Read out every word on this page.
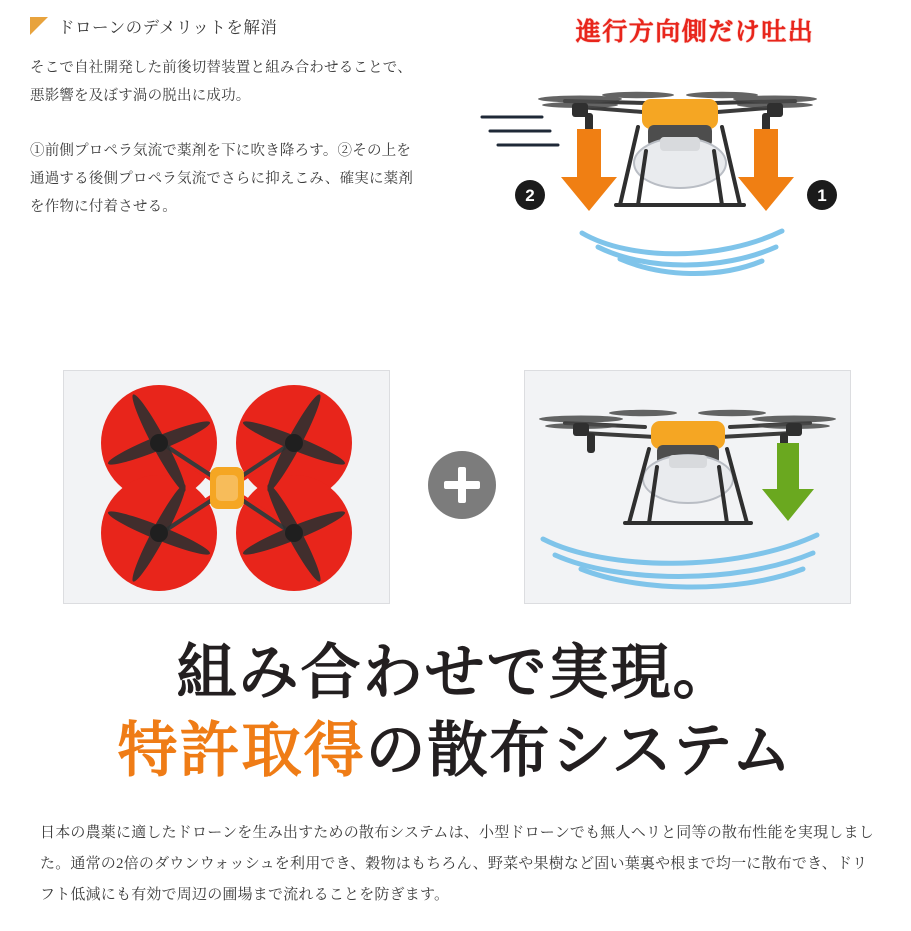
ドローンのデメリットを解消
そこで自社開発した前後切替装置と組み合わせることで、悪影響を及ぼす渦の脱出に成功。
①前側プロペラ気流で薬剤を下に吹き降ろす。②その上を通過する後側プロペラ気流でさらに抑えこみ、確実に薬剤を作物に付着させる。
進行方向側だけ吐出
2	1
組み合わせで実現。
特許取得の散布システム
日本の農薬に適したドローンを生み出すための散布システムは、小型ドローンでも無人ヘリと同等の散布性能を実現しました。通常の2倍のダウンウォッシュを利用でき、穀物はもちろん、野菜や果樹など固い葉裏や根まで均一に散布でき、ドリフト低減にも有効で周辺の圃場まで流れることを防ぎます。
